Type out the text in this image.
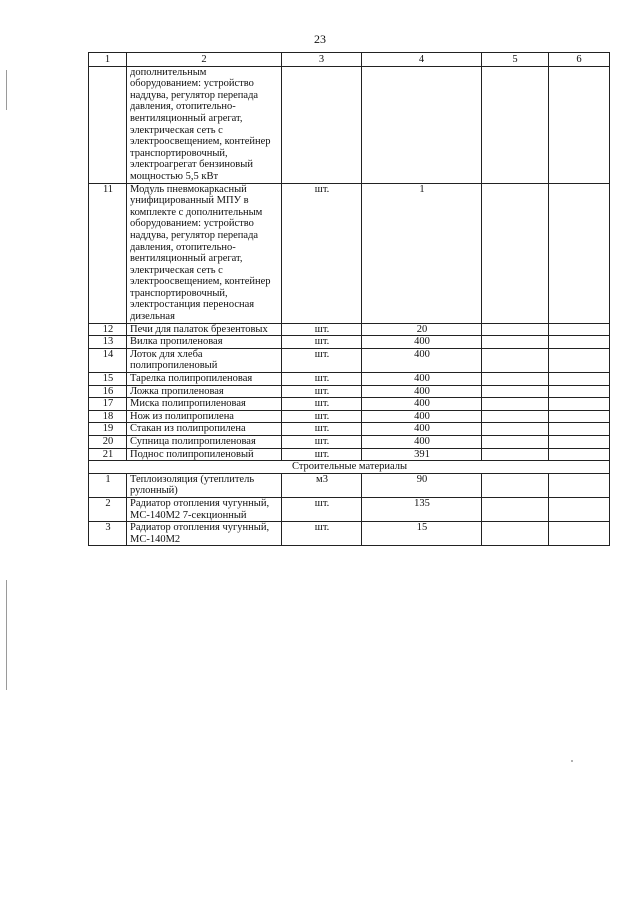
23
1	2	3	4	5	6
	дополнительным оборудованием: устройство наддува, регулятор перепада давления, отопительно-вентиляционный агрегат, электрическая сеть с электроосвещением, контейнер транспортировочный, электроагрегат бензиновый мощностью 5,5 кВт				
11	Модуль пневмокаркасный унифицированный МПУ в комплекте с дополнительным оборудованием: устройство наддува, регулятор перепада давления, отопительно-вентиляционный агрегат, электрическая сеть с электроосвещением, контейнер транспортировочный, электростанция переносная дизельная	шт.	1		
12	Печи для палаток брезентовых	шт.	20		
13	Вилка пропиленовая	шт.	400		
14	Лоток для хлеба полипропиленовый	шт.	400		
15	Тарелка полипропиленовая	шт.	400		
16	Ложка пропиленовая	шт.	400		
17	Миска полипропиленовая	шт.	400		
18	Нож из полипропилена	шт.	400		
19	Стакан из полипропилена	шт.	400		
20	Супница полипропиленовая	шт.	400		
21	Поднос полипропиленовый	шт.	391		
Строительные материалы					
1	Теплоизоляция (утеплитель рулонный)	м3	90		
2	Радиатор отопления чугунный, МС-140М2 7-секционный	шт.	135		
3	Радиатор отопления чугунный, МС-140М2	шт.	15		
